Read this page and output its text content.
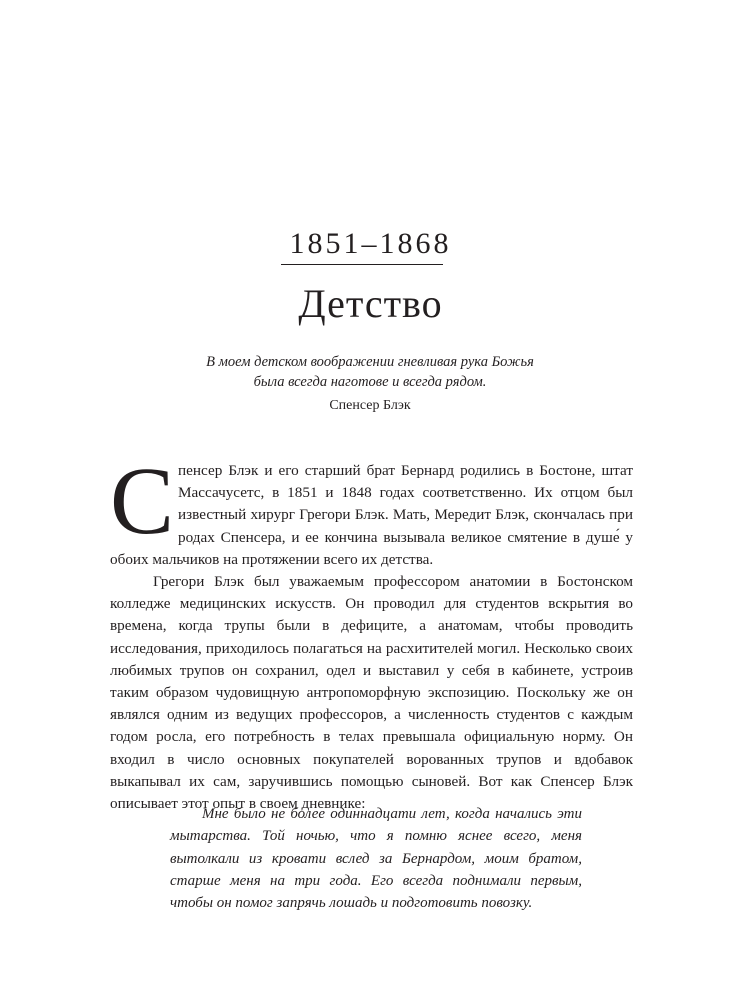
1851–1868
Детство
В моем детском воображении гневливая рука Божья
была всегда наготове и всегда рядом.
Спенсер Блэк

Спенсер Блэк и его старший брат Бернард родились в Бостоне, штат Массачусетс, в 1851 и 1848 годах соответственно. Их отцом был известный хирург Грегори Блэк. Мать, Мередит Блэк, скончалась при родах Спенсера, и ее кончина вызывала великое смятение в душе́ у обоих мальчиков на протяжении всего их детства.

Грегори Блэк был уважаемым профессором анатомии в Бостонском колледже медицинских искусств. Он проводил для студентов вскрытия во времена, когда трупы были в дефиците, а анатомам, чтобы проводить исследования, приходилось полагаться на расхитителей могил. Несколько своих любимых трупов он сохранил, одел и выставил у себя в кабинете, устроив таким образом чудовищную антропоморфную экспозицию. Поскольку же он являлся одним из ведущих профессоров, а численность студентов с каждым годом росла, его потребность в телах превышала официальную норму. Он входил в число основных покупателей ворованных трупов и вдобавок выкапывал их сам, заручившись помощью сыновей. Вот как Спенсер Блэк описывает этот опыт в своем дневнике:

Мне было не более одиннадцати лет, когда начались эти мытарства. Той ночью, что я помню яснее всего, меня вытолкали из кровати вслед за Бернардом, моим братом, старше меня на три года. Его всегда поднимали первым, чтобы он помог запрячь лошадь и подготовить повозку.
